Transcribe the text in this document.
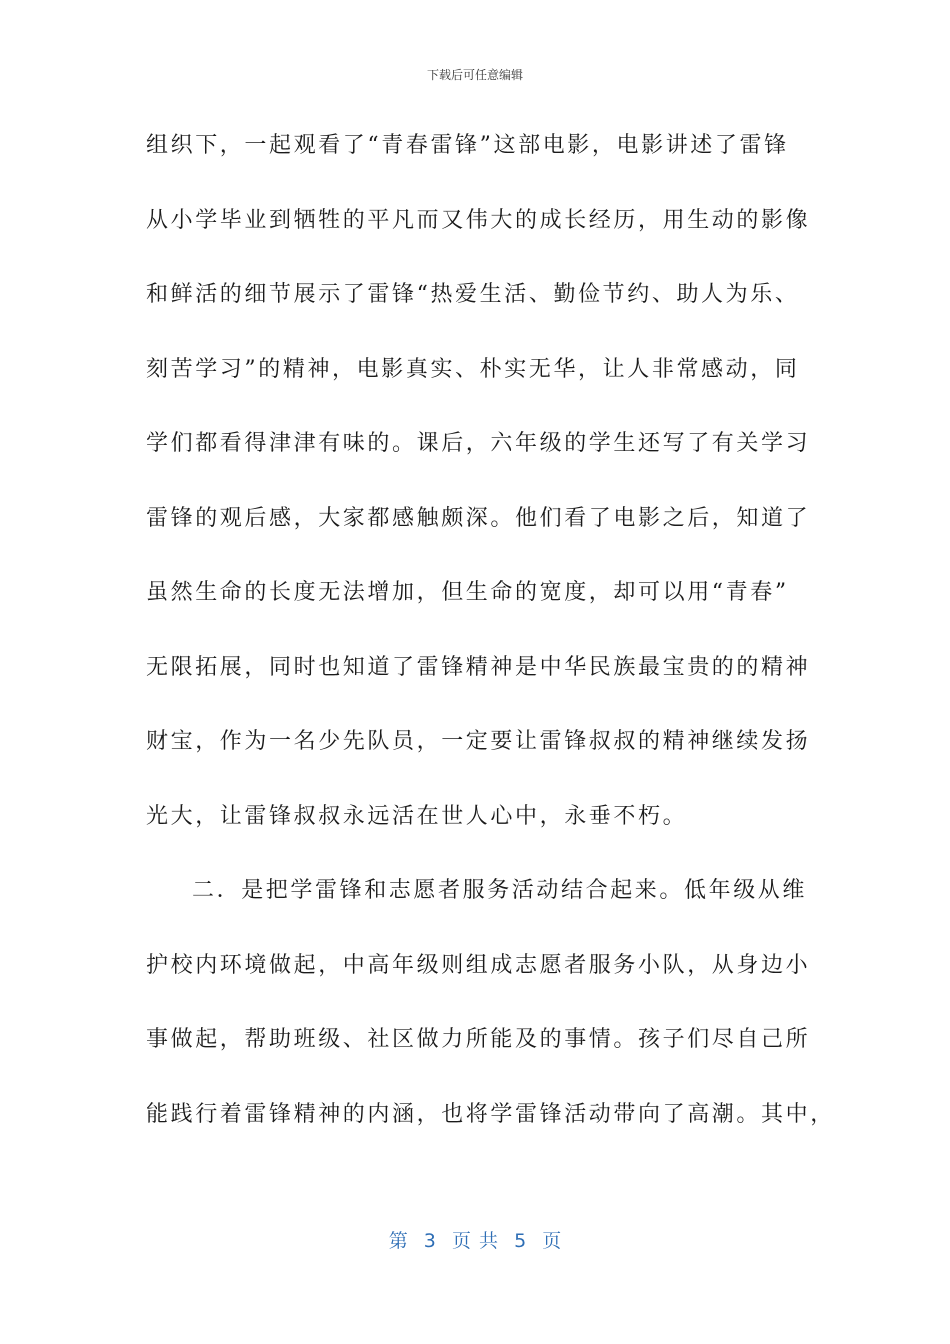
下载后可任意编辑
组织下，一起观看了“青春雷锋”这部电影，电影讲述了雷锋
从小学毕业到牺牲的平凡而又伟大的成长经历，用生动的影像
和鲜活的细节展示了雷锋“热爱生活、勤俭节约、助人为乐、
刻苦学习”的精神，电影真实、朴实无华，让人非常感动，同
学们都看得津津有味的。课后，六年级的学生还写了有关学习
雷锋的观后感，大家都感触颇深。他们看了电影之后，知道了
虽然生命的长度无法增加，但生命的宽度，却可以用“青春”
无限拓展，同时也知道了雷锋精神是中华民族最宝贵的的精神
财宝，作为一名少先队员，一定要让雷锋叔叔的精神继续发扬
光大，让雷锋叔叔永远活在世人心中，永垂不朽。
二．是把学雷锋和志愿者服务活动结合起来。低年级从维
护校内环境做起，中高年级则组成志愿者服务小队，从身边小
事做起，帮助班级、社区做力所能及的事情。孩子们尽自己所
能践行着雷锋精神的内涵，也将学雷锋活动带向了高潮。其中，
第  3  页 共  5  页
